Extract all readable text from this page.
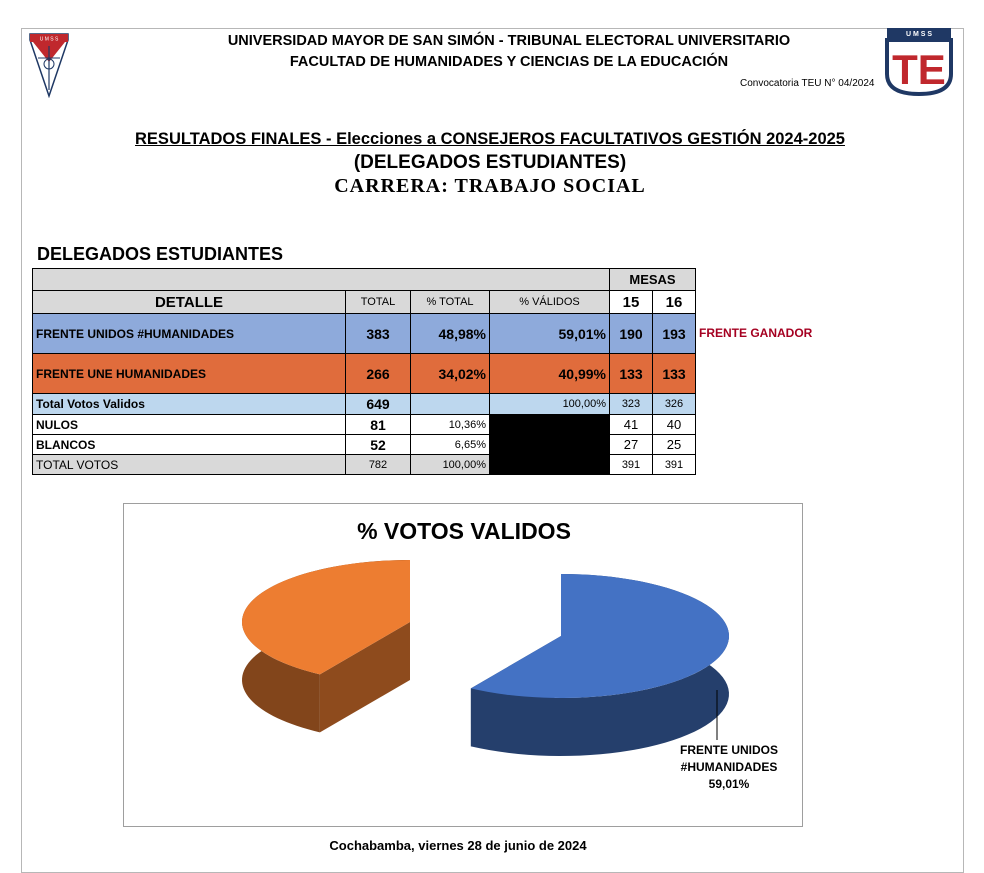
U M S S	UNIVERSIDAD MAYOR DE SAN SIMÓN - TRIBUNAL ELECTORAL UNIVERSITARIO
FACULTAD DE HUMANIDADES Y CIENCIAS DE LA EDUCACIÓN
Convocatoria TEU N° 04/2024
U M S S
TE
RESULTADOS FINALES - Elecciones a CONSEJEROS FACULTATIVOS GESTIÓN 2024-2025
(DELEGADOS ESTUDIANTES)
CARRERA: TRABAJO SOCIAL
DELEGADOS ESTUDIANTES
				MESAS	
DETALLE	TOTAL	% TOTAL	% VÁLIDOS	15	16
FRENTE UNIDOS #HUMANIDADES	383	48,98%	59,01%	190	193
FRENTE UNE HUMANIDADES	266	34,02%	40,99%	133	133
Total Votos Validos	649		100,00%	323	326
NULOS	81	10,36%		41	40
BLANCOS	52	6,65%		27	25
TOTAL VOTOS	782	100,00%		391	391
FRENTE GANADOR
% VOTOS VALIDOS
FRENTE UNIDOS
#HUMANIDADES
59,01%
Cochabamba, viernes 28 de junio de 2024
